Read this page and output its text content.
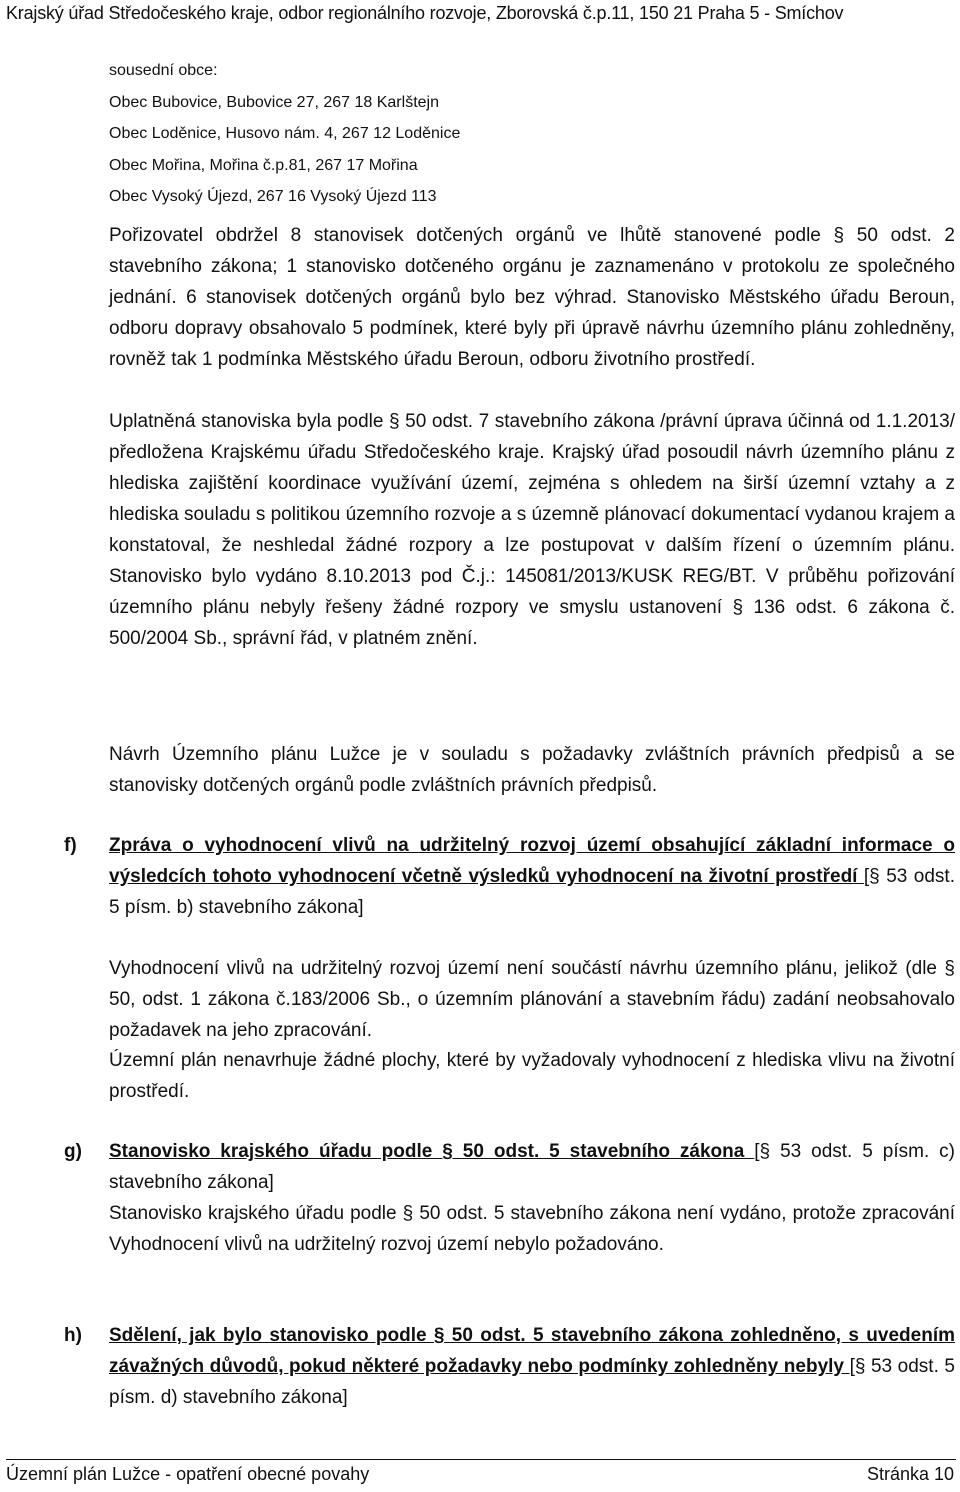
Krajský úřad Středočeského kraje, odbor regionálního rozvoje, Zborovská č.p.11, 150 21 Praha 5 - Smíchov
sousední obce:
Obec Bubovice, Bubovice 27, 267 18 Karlštejn
Obec Loděnice, Husovo nám. 4, 267 12 Loděnice
Obec Mořina, Mořina č.p.81, 267 17 Mořina
Obec Vysoký Újezd, 267 16 Vysoký Újezd 113
Pořizovatel obdržel 8 stanovisek dotčených orgánů ve lhůtě stanovené podle § 50 odst. 2 stavebního zákona; 1 stanovisko dotčeného orgánu je zaznamenáno v protokolu ze společného jednání. 6 stanovisek dotčených orgánů bylo bez výhrad. Stanovisko Městského úřadu Beroun, odboru dopravy obsahovalo 5 podmínek, které byly při úpravě návrhu územního plánu zohledněny, rovněž tak 1 podmínka Městského úřadu Beroun, odboru životního prostředí.
Uplatněná stanoviska byla podle § 50 odst. 7 stavebního zákona /právní úprava účinná od 1.1.2013/ předložena Krajskému úřadu Středočeského kraje. Krajský úřad posoudil návrh územního plánu z hlediska zajištění koordinace využívání území, zejména s ohledem na širší územní vztahy a z hlediska souladu s politikou územního rozvoje a s územně plánovací dokumentací vydanou krajem a konstatoval, že neshledal žádné rozpory a lze postupovat v dalším řízení o územním plánu. Stanovisko bylo vydáno 8.10.2013 pod Č.j.: 145081/2013/KUSK REG/BT. V průběhu pořizování územního plánu nebyly řešeny žádné rozpory ve smyslu ustanovení § 136 odst. 6 zákona č. 500/2004 Sb., správní řád, v platném znění.
Návrh Územního plánu Lužce je v souladu s požadavky zvláštních právních předpisů a se stanovisky dotčených orgánů podle zvláštních právních předpisů.
f) Zpráva o vyhodnocení vlivů na udržitelný rozvoj území obsahující základní informace o výsledcích tohoto vyhodnocení včetně výsledků vyhodnocení na životní prostředí [§ 53 odst. 5 písm. b) stavebního zákona]
Vyhodnocení vlivů na udržitelný rozvoj území není součástí návrhu územního plánu, jelikož (dle § 50, odst. 1 zákona č.183/2006 Sb., o územním plánování a stavebním řádu) zadání neobsahovalo požadavek na jeho zpracování.
Územní plán nenavrhuje žádné plochy, které by vyžadovaly vyhodnocení z hlediska vlivu na životní prostředí.
g) Stanovisko krajského úřadu podle § 50 odst. 5 stavebního zákona [§ 53 odst. 5 písm. c) stavebního zákona]
Stanovisko krajského úřadu podle § 50 odst. 5 stavebního zákona není vydáno, protože zpracování Vyhodnocení vlivů na udržitelný rozvoj území nebylo požadováno.
h) Sdělení, jak bylo stanovisko podle § 50 odst. 5 stavebního zákona zohledněno, s uvedením závažných důvodů, pokud některé požadavky nebo podmínky zohledněny nebyly [§ 53 odst. 5 písm. d) stavebního zákona]
Územní plán Lužce - opatření obecné povahy	Stránka 10
